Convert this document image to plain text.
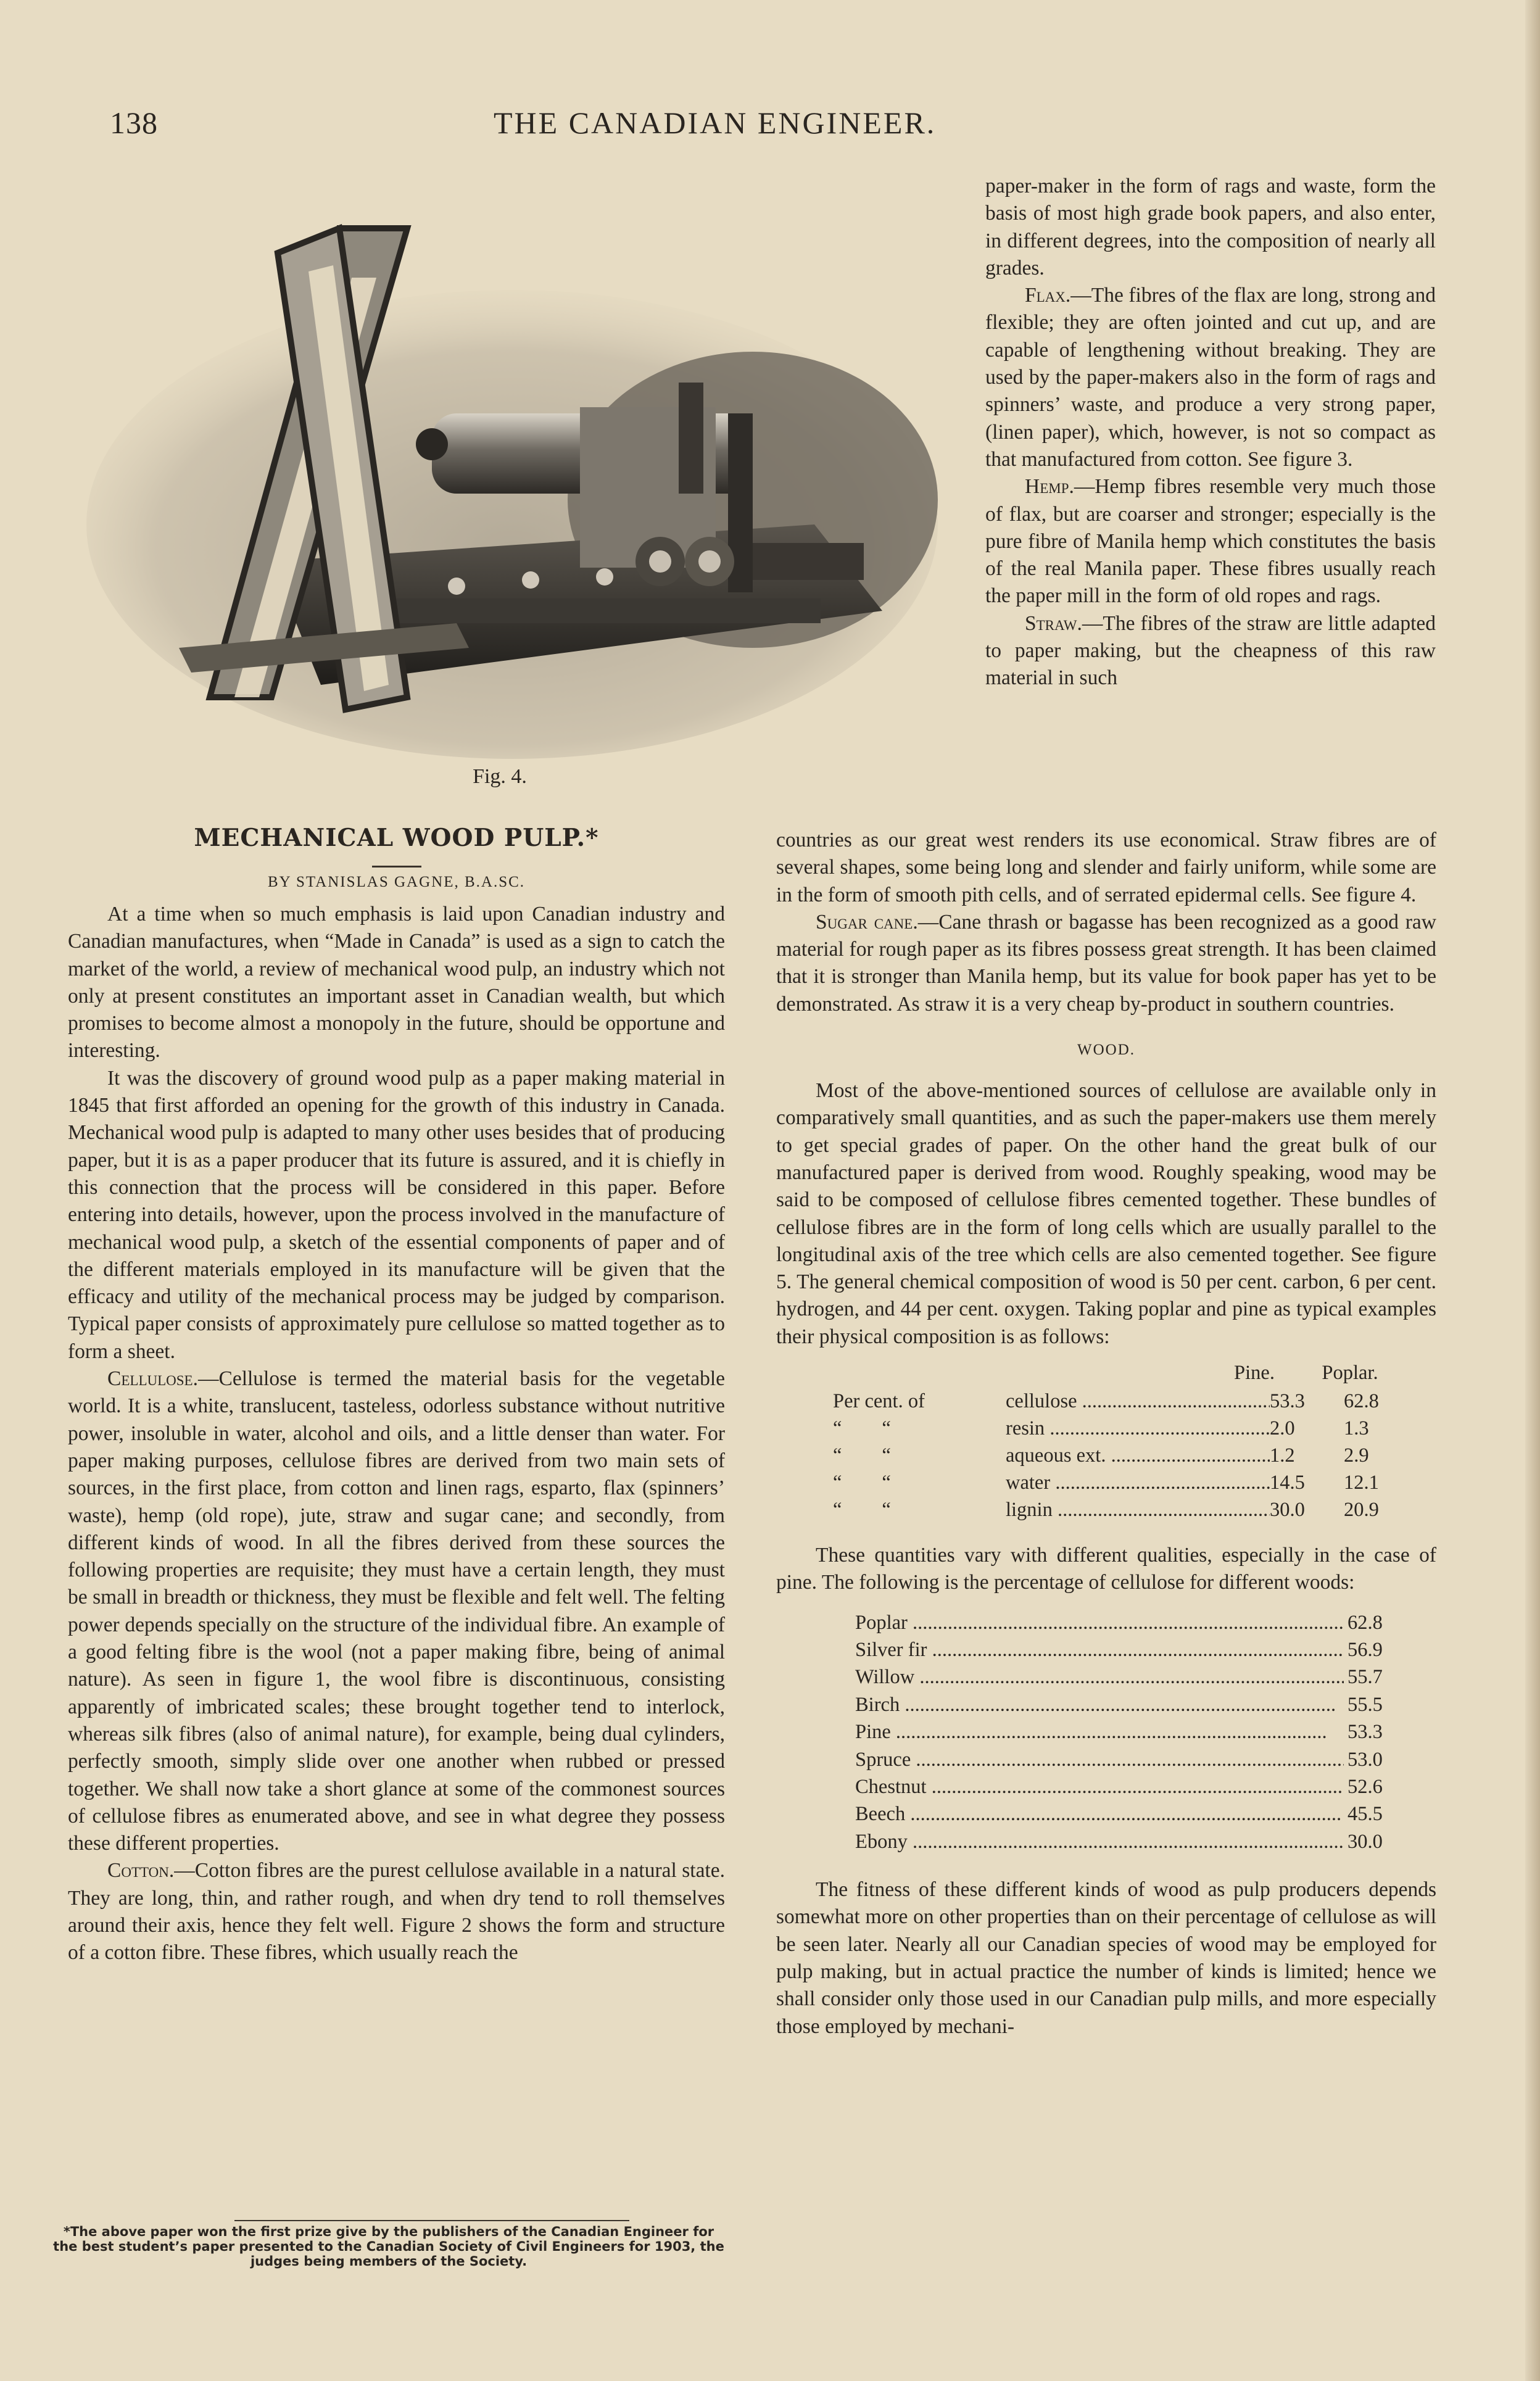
138	THE CANADIAN ENGINEER.
Fig. 4.

paper-maker in the form of rags and waste, form the basis of most high grade book papers, and also enter, in different degrees, into the composition of nearly all grades.

Flax.—The fibres of the flax are long, strong and flexible; they are often jointed and cut up, and are capable of lengthening without breaking. They are used by the paper-makers also in the form of rags and spinners’ waste, and produce a very strong paper, (linen paper), which, however, is not so compact as that manufactured from cotton. See figure 3.

Hemp.—Hemp fibres resemble very much those of flax, but are coarser and stronger; especially is the pure fibre of Manila hemp which constitutes the basis of the real Manila paper. These fibres usually reach the paper mill in the form of old ropes and rags.

Straw.—The fibres of the straw are little adapted to paper making, but the cheapness of this raw material in such

MECHANICAL WOOD PULP.*
BY STANISLAS GAGNE, B.A.SC.

At a time when so much emphasis is laid upon Canadian industry and Canadian manufactures, when “Made in Canada” is used as a sign to catch the market of the world, a review of mechanical wood pulp, an industry which not only at present constitutes an important asset in Canadian wealth, but which promises to become almost a monopoly in the future, should be opportune and interesting.

It was the discovery of ground wood pulp as a paper making material in 1845 that first afforded an opening for the growth of this industry in Canada. Mechanical wood pulp is adapted to many other uses besides that of producing paper, but it is as a paper producer that its future is assured, and it is chiefly in this connection that the process will be considered in this paper. Before entering into details, however, upon the process involved in the manufacture of mechanical wood pulp, a sketch of the essential components of paper and of the different materials employed in its manufacture will be given that the efficacy and utility of the mechanical process may be judged by comparison. Typical paper consists of approximately pure cellulose so matted together as to form a sheet.

Cellulose.—Cellulose is termed the material basis for the vegetable world. It is a white, translucent, tasteless, odorless substance without nutritive power, insoluble in water, alcohol and oils, and a little denser than water. For paper making purposes, cellulose fibres are derived from two main sets of sources, in the first place, from cotton and linen rags, esparto, flax (spinners’ waste), hemp (old rope), jute, straw and sugar cane; and secondly, from different kinds of wood. In all the fibres derived from these sources the following properties are requisite; they must have a certain length, they must be small in breadth or thickness, they must be flexible and felt well. The felting power depends specially on the structure of the individual fibre. An example of a good felting fibre is the wool (not a paper making fibre, being of animal nature). As seen in figure 1, the wool fibre is discontinuous, consisting apparently of imbricated scales; these brought together tend to interlock, whereas silk fibres (also of animal nature), for example, being dual cylinders, perfectly smooth, simply slide over one another when rubbed or pressed together. We shall now take a short glance at some of the commonest sources of cellulose fibres as enumerated above, and see in what degree they possess these different properties.

Cotton.—Cotton fibres are the purest cellulose available in a natural state. They are long, thin, and rather rough, and when dry tend to roll themselves around their axis, hence they felt well. Figure 2 shows the form and structure of a cotton fibre. These fibres, which usually reach the

countries as our great west renders its use economical. Straw fibres are of several shapes, some being long and slender and fairly uniform, while some are in the form of smooth pith cells, and of serrated epidermal cells. See figure 4.

Sugar cane.—Cane thrash or bagasse has been recognized as a good raw material for rough paper as its fibres possess great strength. It has been claimed that it is stronger than Manila hemp, but its value for book paper has yet to be demonstrated. As straw it is a very cheap by-product in southern countries.

WOOD.

Most of the above-mentioned sources of cellulose are available only in comparatively small quantities, and as such the paper-makers use them merely to get special grades of paper. On the other hand the great bulk of our manufactured paper is derived from wood. Roughly speaking, wood may be said to be composed of cellulose fibres cemented together. These bundles of cellulose fibres are in the form of long cells which are usually parallel to the longitudinal axis of the tree which cells are also cemented together. See figure 5. The general chemical composition of wood is 50 per cent. carbon, 6 per cent. hydrogen, and 44 per cent. oxygen. Taking poplar and pine as typical examples their physical composition is as follows:

Pine.	Poplar.
Per cent. of	cellulose .....	53.3	62.8
“        “	resin .....	2.0	1.3
“        “	aqueous ext. .....	1.2	2.9
“        “	water .....	14.5	12.1
“        “	lignin .....	30.0	20.9

These quantities vary with different qualities, especially in the case of pine. The following is the percentage of cellulose for different woods:

Poplar .....	62.8
Silver fir .....	56.9
Willow .....	55.7
Birch .....	55.5
Pine .....	53.3
Spruce .....	53.0
Chestnut .....	52.6
Beech .....	45.5
Ebony .....	30.0

The fitness of these different kinds of wood as pulp producers depends somewhat more on other properties than on their percentage of cellulose as will be seen later. Nearly all our Canadian species of wood may be employed for pulp making, but in actual practice the number of kinds is limited; hence we shall consider only those used in our Canadian pulp mills, and more especially those employed by mechani-

*The above paper won the first prize give by the publishers of the Canadian Engineer for the best student’s paper presented to the Canadian Society of Civil Engineers for 1903, the judges being members of the Society.
